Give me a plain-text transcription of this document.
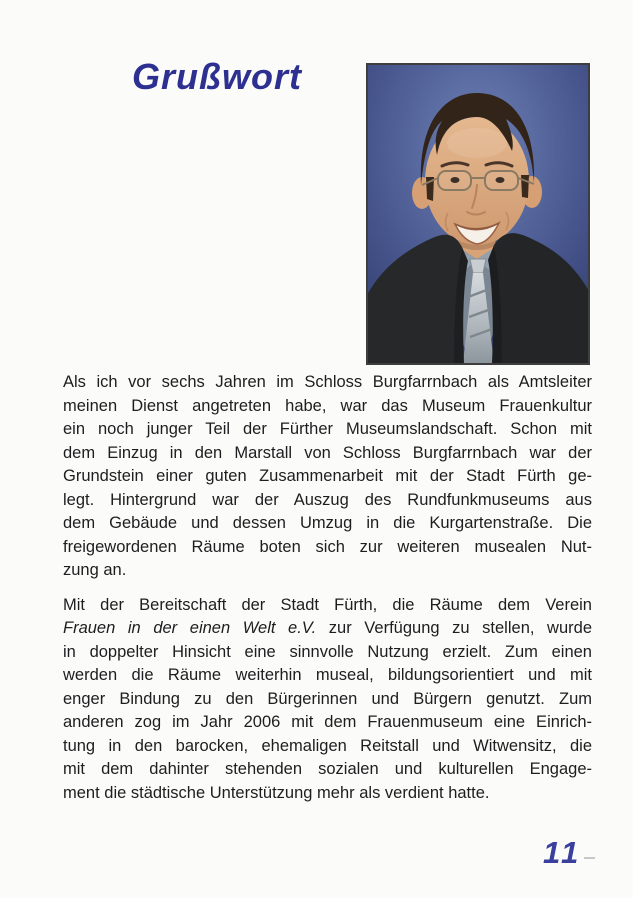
Grußwort
Als ich vor sechs Jahren im Schloss Burgfarrnbach als Amtsleiter
meinen Dienst angetreten habe, war das Museum Frauenkultur
ein noch junger Teil der Fürther Museumslandschaft. Schon mit
dem Einzug in den Marstall von Schloss Burgfarrnbach war der
Grundstein einer guten Zusammenarbeit mit der Stadt Fürth ge-
legt. Hintergrund war der Auszug des Rundfunkmuseums aus
dem Gebäude und dessen Umzug in die Kurgartenstraße. Die
freigewordenen Räume boten sich zur weiteren musealen Nut-
zung an.
Mit der Bereitschaft der Stadt Fürth, die Räume dem Verein
Frauen in der einen Welt e.V. zur Verfügung zu stellen, wurde
in doppelter Hinsicht eine sinnvolle Nutzung erzielt. Zum einen
werden die Räume weiterhin museal, bildungsorientiert und mit
enger Bindung zu den Bürgerinnen und Bürgern genutzt. Zum
anderen zog im Jahr 2006 mit dem Frauenmuseum eine Einrich-
tung in den barocken, ehemaligen Reitstall und Witwensitz, die
mit dem dahinter stehenden sozialen und kulturellen Engage-
ment die städtische Unterstützung mehr als verdient hatte.
11
